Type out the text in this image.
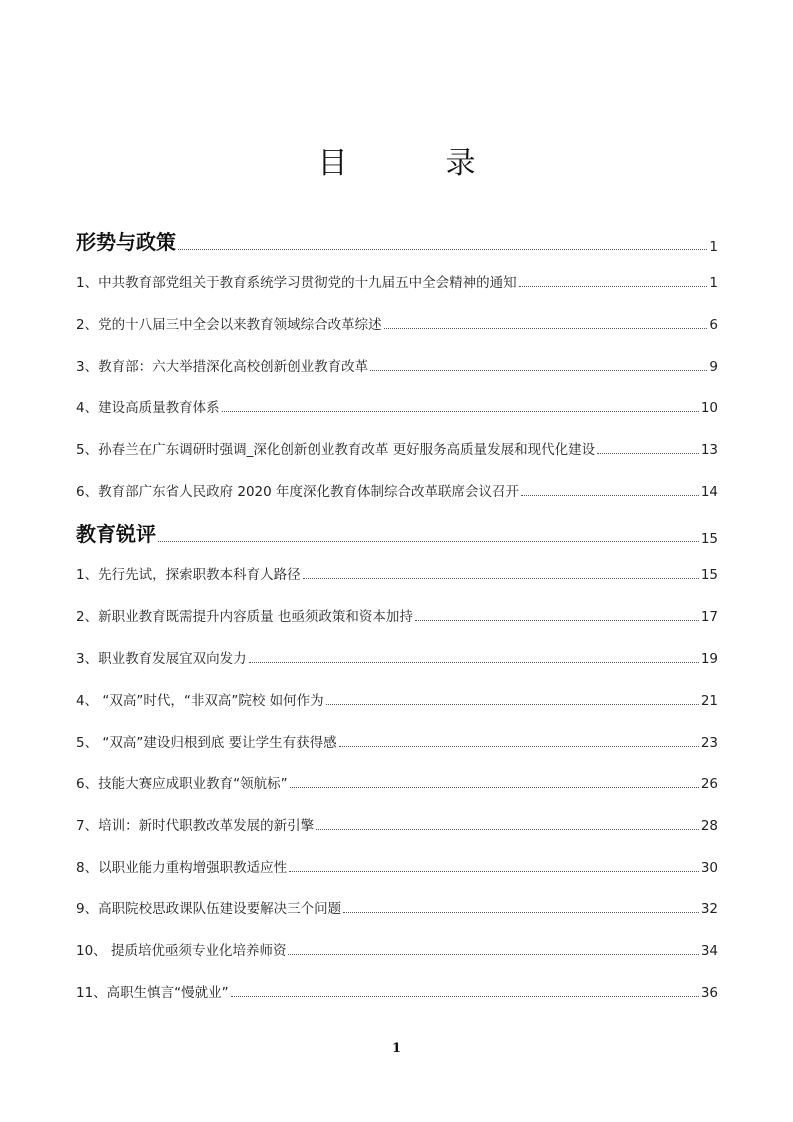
目　录
形势与政策	1
1、中共教育部党组关于教育系统学习贯彻党的十九届五中全会精神的通知	1
2、党的十八届三中全会以来教育领域综合改革综述	6
3、教育部：六大举措深化高校创新创业教育改革	9
4、建设高质量教育体系	10
5、孙春兰在广东调研时强调_深化创新创业教育改革 更好服务高质量发展和现代化建设	13
6、教育部广东省人民政府 2020 年度深化教育体制综合改革联席会议召开	14
教育锐评	15
1、先行先试，探索职教本科育人路径	15
2、新职业教育既需提升内容质量 也亟须政策和资本加持	17
3、职业教育发展宜双向发力	19
4、 “双高”时代，“非双高”院校 如何作为	21
5、 “双高”建设归根到底 要让学生有获得感	23
6、技能大赛应成职业教育“领航标”	26
7、培训：新时代职教改革发展的新引擎	28
8、以职业能力重构增强职教适应性	30
9、高职院校思政课队伍建设要解决三个问题	32
10、 提质培优亟须专业化培养师资	34
11、高职生慎言“慢就业”	36
1
